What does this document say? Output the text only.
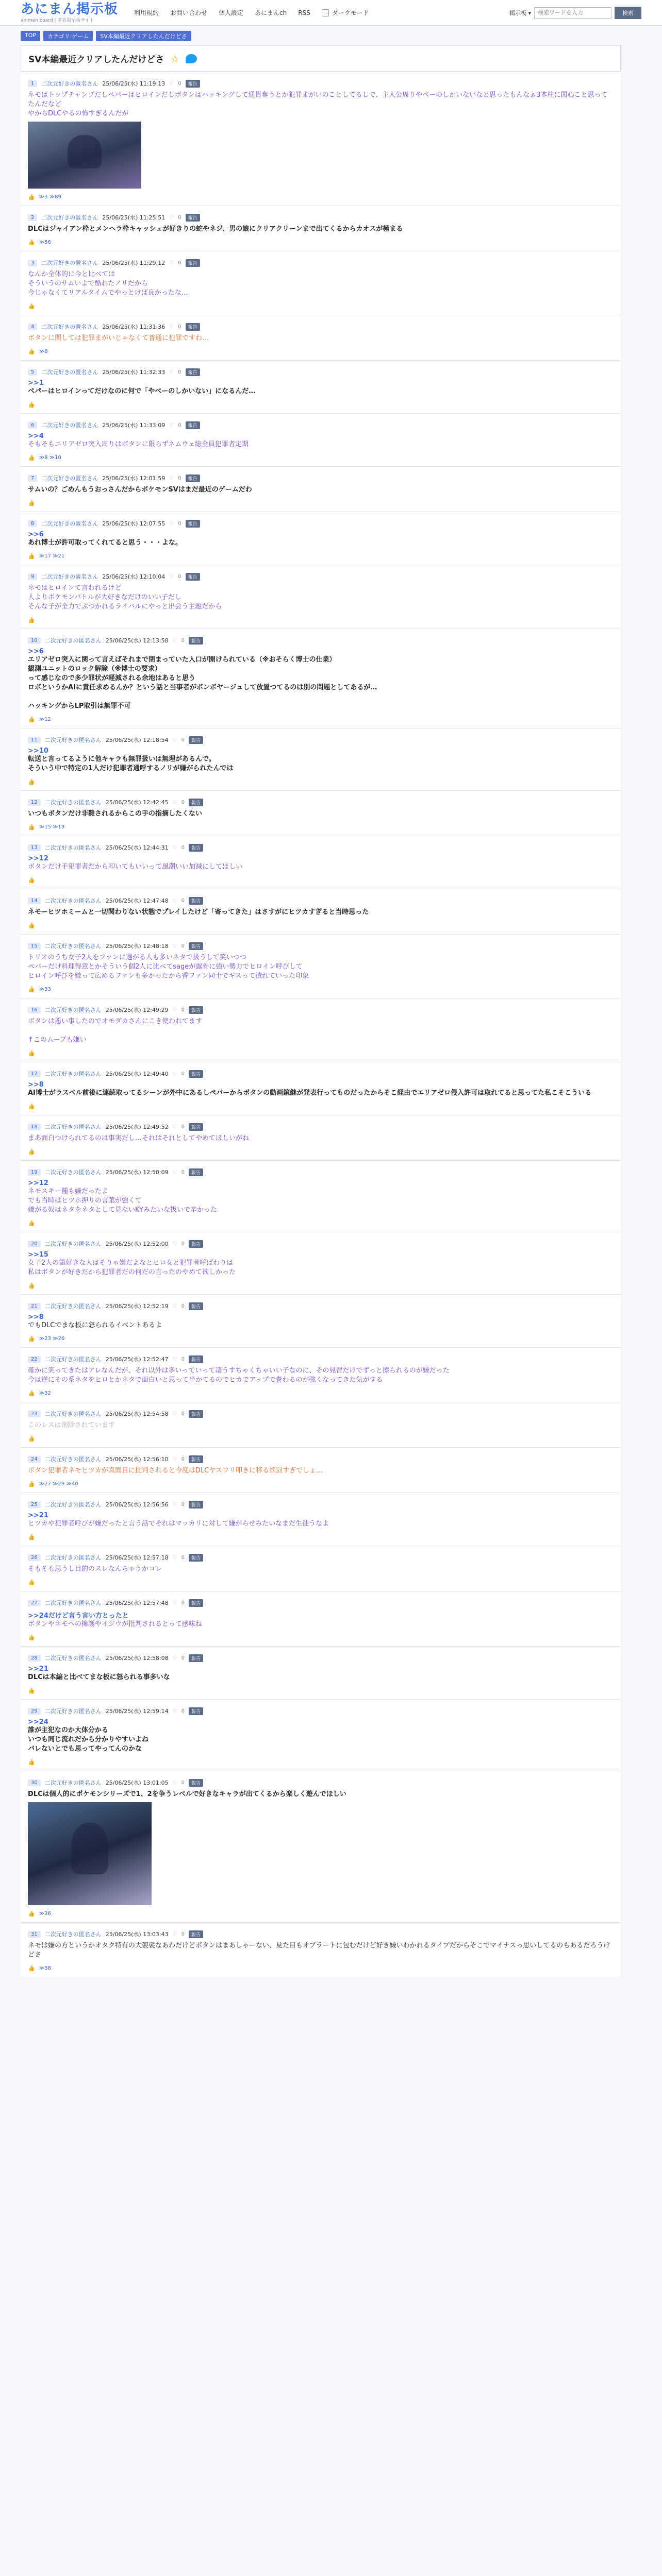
あにまん掲示板
animan board | 匿名掲示板サイト
利用規約 お問い合わせ 個人設定 あにまんch RSS	ダークモード	掲示板 ▾
検索ワードを入力	検索
TOP	カテゴリ:ゲーム	SV本編最近クリアしたんだけどさ
SV本編最近クリアしたんだけどさ ☆
1	二次元好きの匿名さん 25/06/25(水) 11:19:13 ♡ 0	報告
ネモはトップチャンプだしペパーはヒロインだしボタンはハッキングして通貨奪うとか犯罪まがいのことしてるしで、主人公周りやべーのしかいないなと思ったもんなぁ3本柱に関心こと思ってたんだなど
やからDLCやるの怖すぎるんだが
👍 ≫3 ≫89
2	二次元好きの匿名さん 25/06/25(水) 11:25:51 ♡ 0	報告
DLCはジャイアン枠とメンヘラ枠キャッシュが好きりの蛇やネジ、男の娘にクリアクリーンまで出てくるからカオスが極まる
👍 ≫56
3	二次元好きの匿名さん 25/06/25(水) 11:29:12 ♡ 0	報告
なんか全体的に今と比べては
そういうのサムいよで酷れたノリだから
今じゃなくてリアルタイムでやっとけば良かったな…
👍
4	二次元好きの匿名さん 25/06/25(水) 11:31:36 ♡ 0	報告
ボタンに関しては犯罪まがいじゃなくて普通に犯罪ですわ…
👍 ≫8
5	二次元好きの匿名さん 25/06/25(水) 11:32:33 ♡ 0	報告
>>1
ペパーはヒロインってだけなのに何で「やべーのしかいない」になるんだ…
👍
6	二次元好きの匿名さん 25/06/25(水) 11:33:09 ♡ 0	報告
>>4
そもそもエリアゼロ突入周りはボタンに限らずネムウェ総全員犯罪者定期
👍 ≫8 ≫10
7	二次元好きの匿名さん 25/06/25(水) 12:01:59 ♡ 0	報告
サムいの？ごめんもうおっさんだからポケモンSVはまだ最近のゲームだわ
👍
8	二次元好きの匿名さん 25/06/25(水) 12:07:55 ♡ 0	報告
>>6
あれ博士が許可取ってくれてると思う・・・よな。
👍 ≫17 ≫21
9	二次元好きの匿名さん 25/06/25(水) 12:10:04 ♡ 0	報告
ネモはヒロインて言われるけど
人よりポケモンバトルが大好きなだけのいい子だし
そんな子が全力でぶつかれるライバルにやっと出会う主題だから
👍
10	二次元好きの匿名さん 25/06/25(水) 12:13:58 ♡ 0	報告
>>6
エリアゼロ突入に関って言えばそれまで閉まっていた入口が開けられている（※おそらく博士の仕業）
観測ユニットのロック解除（※博士の要求）
って感じなので多少罪状が軽減される余地はあると思う
ロボというかAIに責任求めるんか？という話と当事者がボンボヤージュして放置つてるのは別の問題としてあるが…

ハッキングからLP取引は無罪不可
👍 ≫12
11	二次元好きの匿名さん 25/06/25(水) 12:18:54 ♡ 0	報告
>>10
転送と言ってるように他キャラも無罪扱いは無理があるんで。
そういう中で特定の1人だけ犯罪者通呼するノリが嫌がられたんでは
👍
12	二次元好きの匿名さん 25/06/25(水) 12:42:45 ♡ 0	報告
いつもボタンだけ非難されるからこの手の指摘したくない
👍 ≫15 ≫19
13	二次元好きの匿名さん 25/06/25(水) 12:44:31 ♡ 0	報告
>>12
ボタンだけ手犯罪者だから叩いてもいいって風潮いい加減にしてほしい
👍
14	二次元好きの匿名さん 25/06/25(水) 12:47:48 ♡ 0	報告
ネモーヒツホミームと一切関わりない状態でプレイしたけど「寄ってきた」はさすがにヒツカすぎると当時思った
👍
15	二次元好きの匿名さん 25/06/25(水) 12:48:18 ♡ 0	報告
トリオのうち女子2人をファンに選がる人も多いネタで扱うして笑いつつ
ペパーだけ料理得意とかそういう個2人に比べてsageが露骨に強い勢力でヒロイン呼びして
ヒロイン呼びを嫌って広めるファンも多かったから香ファン同士でギスって潰れていった印象
👍 ≫33
16	二次元好きの匿名さん 25/06/25(水) 12:49:29 ♡ 0	報告
ボタンは悪い事したのでオモダカさんにこき使われてます

↑このムーブも嫌い
👍
17	二次元好きの匿名さん 25/06/25(水) 12:49:40 ♡ 0	報告
>>8
AI博士がラスベル前後に連続取ってるシーンが外中にあるしペパーからボタンの動画鏡継が発表行ってものだったからそこ経由でエリアゼロ侵入許可は取れてると思ってた私こそこういる
👍
18	二次元好きの匿名さん 25/06/25(水) 12:49:52 ♡ 0	報告
まあ面白つけられてるのは事実だし…それはそれとしてやめてほしいがね
👍
19	二次元好きの匿名さん 25/06/25(水) 12:50:09 ♡ 0	報告
>>12
ネモスキー種も嫌だったよ
でも当時はヒツホ押りの言葉が強くて
嫌がる奴はネタをネタとして見ないKYみたいな扱いで辛かった
👍
20	二次元好きの匿名さん 25/06/25(水) 12:52:00 ♡ 0	報告
>>15
女子2人の筆好きな人はそりゃ嫌だよなとヒロ女と犯罪者呼ばわりは
私はボタンが好きだから犯罪者だの何だの言ったのやめて欲しかった
👍
21	二次元好きの匿名さん 25/06/25(水) 12:52:19 ♡ 0	報告
>>8
でもDLCでまな板に怒られるイベントあるよ
👍 ≫23 ≫26
22	二次元好きの匿名さん 25/06/25(水) 12:52:47 ♡ 0	報告
確かに笑ってきたはアレなんだが、それ以外は多いっていって凄うすちゃくちゃいい子なのに、その見習だけでずっと擦られるのが嫌だった
今は逆にその系ネタをヒロとかネタで面白いと思って半かてるのでヒカでアップで巻わるのが強くなってきた気がする
👍 ≫32
23	二次元好きの匿名さん 25/06/25(水) 12:54:58 ♡ 0	報告
このレスは削除されています
👍
24	二次元好きの匿名さん 25/06/25(水) 12:56:10 ♡ 0	報告
ボタン犯罪者ネモヒツカが真面目に批判されると今度はDLCヤスワリ叩きに移る悩罰すぎでしょ…
👍 ≫27 ≫29 ≫40
25	二次元好きの匿名さん 25/06/25(水) 12:56:56 ♡ 0	報告
>>21
ヒツカや犯罪者呼びが嫌だったと言う話でそれはマッカリに対して嫌がらせみたいなまだ生徒うなよ
👍
26	二次元好きの匿名さん 25/06/25(水) 12:57:18 ♡ 0	報告
そもそも思うし目的のスレなんちゃうかコレ
👍
27	二次元好きの匿名さん 25/06/25(水) 12:57:48 ♡ 0	報告
>>24だけど言う言い方とったと
ボタンやネモへの擁護やイジウが批判されるとって感味ね
👍
28	二次元好きの匿名さん 25/06/25(水) 12:58:08 ♡ 0	報告
>>21
DLCは本編と比べてまな板に怒られる事多いな
👍
29	二次元好きの匿名さん 25/06/25(水) 12:59:14 ♡ 0	報告
>>24
誰が主犯なのか大体分かる
いつも同じ流れだから分かりやすいよね
バレないとでも思ってやってんのかな
👍
30	二次元好きの匿名さん 25/06/25(水) 13:01:05 ♡ 0	報告
DLCは個人的にポケモンシリーズで1、2を争うレベルで好きなキャラが出てくるから楽しく遊んでほしい
👍 ≫36
31	二次元好きの匿名さん 25/06/25(水) 13:03:43 ♡ 0	報告
ネモは嫌の方というかオタク特有の大袈裟なあわだけどボタンはまあしゃーない、見た目もオブラートに包むだけど好き嫌いわかれるタイプだからそこでマイナスっ思いしてるのもあるだろうけどさ
👍 ≫38
